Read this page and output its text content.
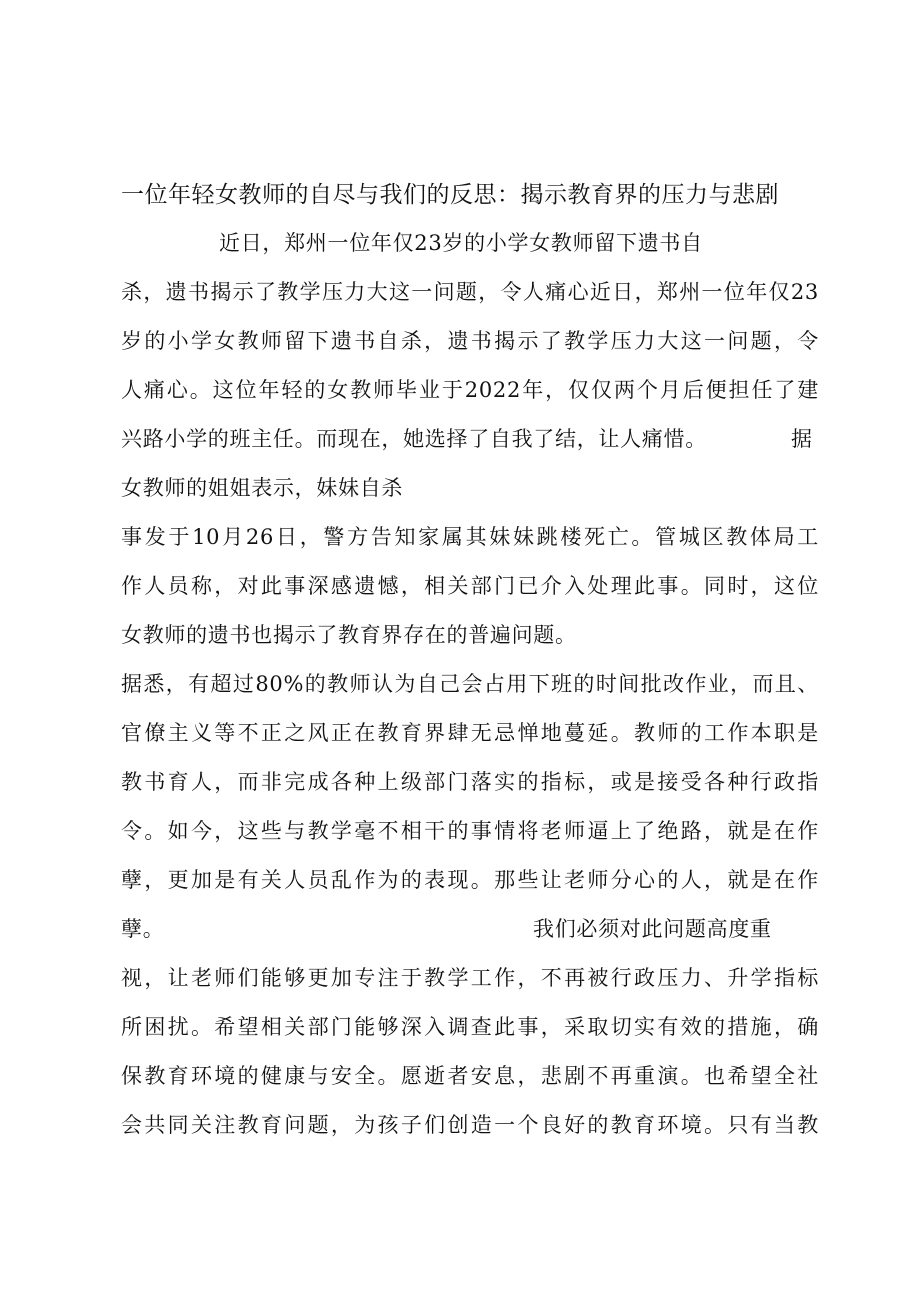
一位年轻女教师的自尽与我们的反思：揭示教育界的压力与悲剧
近日，郑州一位年仅23岁的小学女教师留下遗书自
杀，遗书揭示了教学压力大这一问题，令人痛心近日，郑州一位年仅23
岁的小学女教师留下遗书自杀，遗书揭示了教学压力大这一问题，令
人痛心。这位年轻的女教师毕业于2022年，仅仅两个月后便担任了建
兴路小学的班主任。而现在，她选择了自我了结，让人痛惜。	据
女教师的姐姐表示，妹妹自杀
事发于10月26日，警方告知家属其妹妹跳楼死亡。管城区教体局工
作人员称，对此事深感遗憾，相关部门已介入处理此事。同时，这位
女教师的遗书也揭示了教育界存在的普遍问题。
据悉，有超过80%的教师认为自己会占用下班的时间批改作业，而且、
官僚主义等不正之风正在教育界肆无忌惮地蔓延。教师的工作本职是
教书育人，而非完成各种上级部门落实的指标，或是接受各种行政指
令。如今，这些与教学毫不相干的事情将老师逼上了绝路，就是在作
孽，更加是有关人员乱作为的表现。那些让老师分心的人，就是在作
孽。	我们必须对此问题高度重
视，让老师们能够更加专注于教学工作，不再被行政压力、升学指标
所困扰。希望相关部门能够深入调查此事，采取切实有效的措施，确
保教育环境的健康与安全。愿逝者安息，悲剧不再重演。也希望全社
会共同关注教育问题，为孩子们创造一个良好的教育环境。只有当教
